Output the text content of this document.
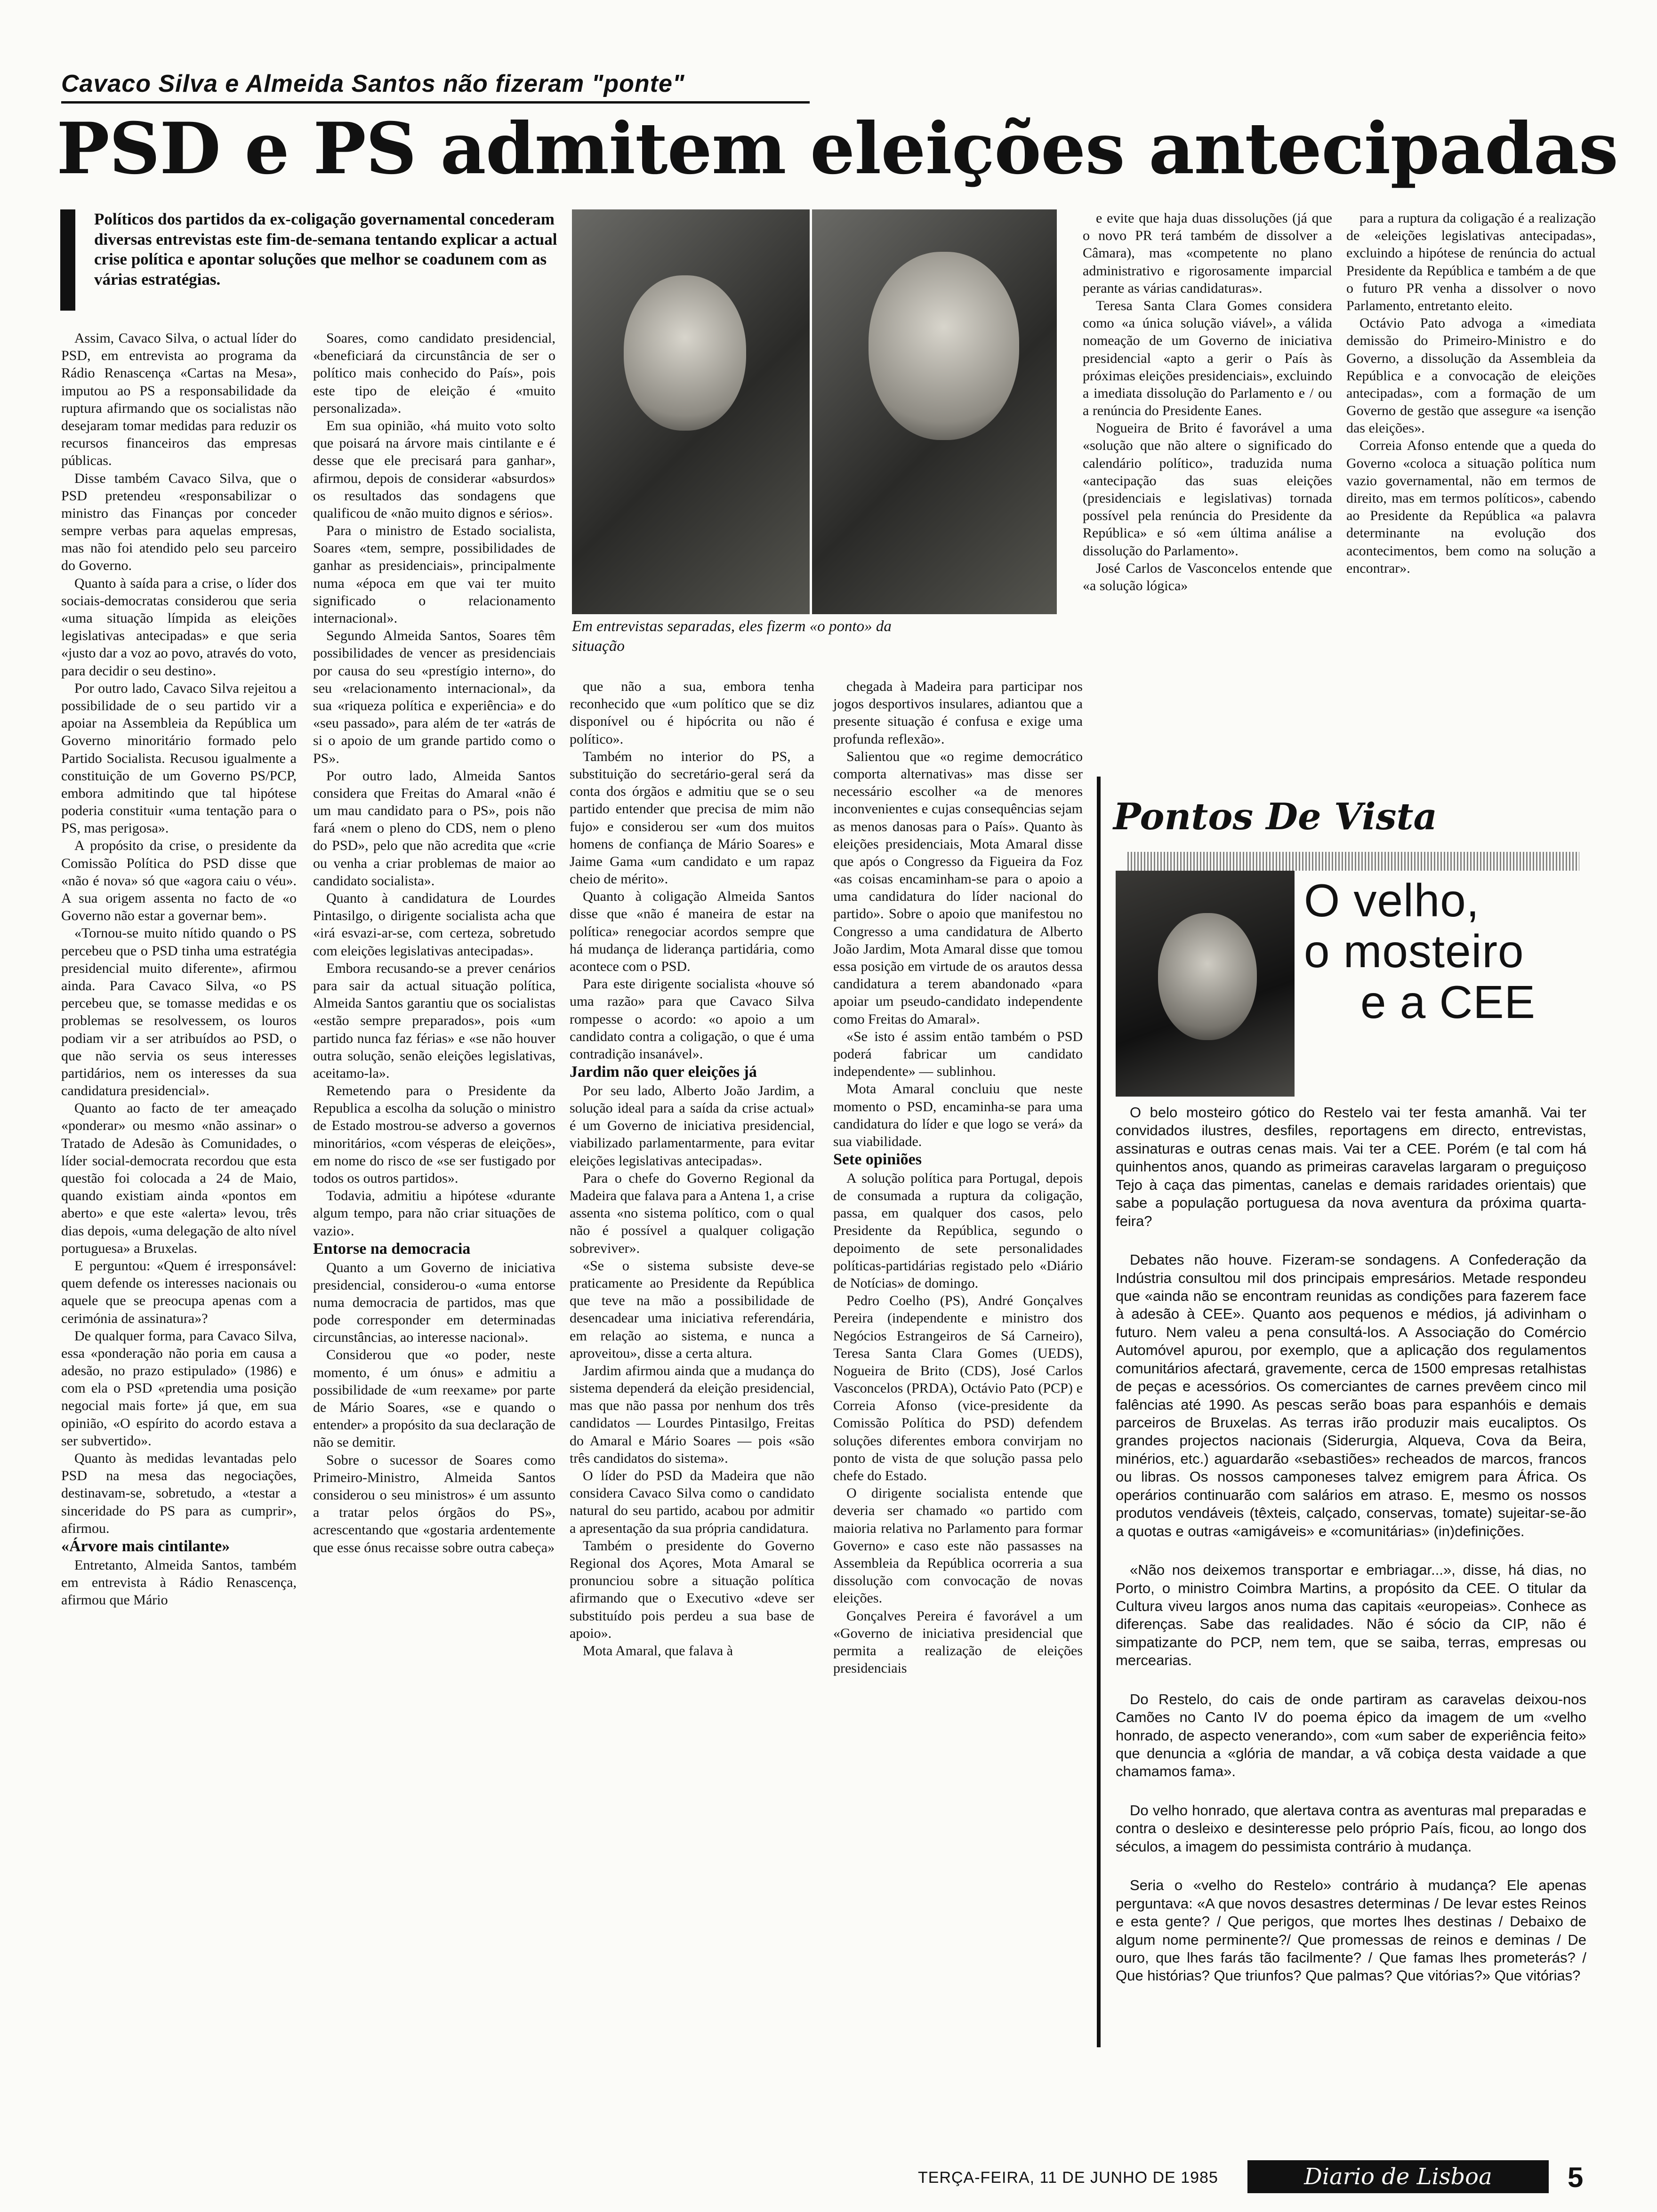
Cavaco Silva e Almeida Santos não fizeram "ponte"
PSD e PS admitem eleições antecipadas
Políticos dos partidos da ex-coligação governamental concederam diversas entrevistas este fim-de-semana tentando explicar a actual crise política e apontar soluções que melhor se coadunem com as várias estratégias.
Em entrevistas separadas, eles fizerm «o ponto» da situação

Assim, Cavaco Silva, o actual líder do PSD, em entrevista ao programa da Rádio Renascença «Cartas na Mesa», imputou ao PS a responsabilidade da ruptura afirmando que os socialistas não desejaram tomar medidas para reduzir os recursos financeiros das empresas públicas.

Disse também Cavaco Silva, que o PSD pretendeu «responsabilizar o ministro das Finanças por conceder sempre verbas para aquelas empresas, mas não foi atendido pelo seu parceiro do Governo.

Quanto à saída para a crise, o líder dos sociais-democratas considerou que seria «uma situação límpida as eleições legislativas antecipadas» e que seria «justo dar a voz ao povo, através do voto, para decidir o seu destino».

Por outro lado, Cavaco Silva rejeitou a possibilidade de o seu partido vir a apoiar na Assembleia da República um Governo minoritário formado pelo Partido Socialista. Recusou igualmente a constituição de um Governo PS/PCP, embora admitindo que tal hipótese poderia constituir «uma tentação para o PS, mas perigosa».

A propósito da crise, o presidente da Comissão Política do PSD disse que «não é nova» só que «agora caiu o véu». A sua origem assenta no facto de «o Governo não estar a governar bem».

«Tornou-se muito nítido quando o PS percebeu que o PSD tinha uma estratégia presidencial muito diferente», afirmou ainda. Para Cavaco Silva, «o PS percebeu que, se tomasse medidas e os problemas se resolvessem, os louros podiam vir a ser atribuídos ao PSD, o que não servia os seus interesses partidários, nem os interesses da sua candidatura presidencial».

Quanto ao facto de ter ameaçado «ponderar» ou mesmo «não assinar» o Tratado de Adesão às Comunidades, o líder social-democrata recordou que esta questão foi colocada a 24 de Maio, quando existiam ainda «pontos em aberto» e que este «alerta» levou, três dias depois, «uma delegação de alto nível portuguesa» a Bruxelas.

E perguntou: «Quem é irresponsável: quem defende os interesses nacionais ou aquele que se preocupa apenas com a cerimónia de assinatura»?

De qualquer forma, para Cavaco Silva, essa «ponderação não poria em causa a adesão, no prazo estipulado» (1986) e com ela o PSD «pretendia uma posição negocial mais forte» já que, em sua opinião, «O espírito do acordo estava a ser subvertido».

Quanto às medidas levantadas pelo PSD na mesa das negociações, destinavam-se, sobretudo, a «testar a sinceridade do PS para as cumprir», afirmou.

«Árvore mais cintilante»

Entretanto, Almeida Santos, também em entrevista à Rádio Renascença, afirmou que Mário

Soares, como candidato presidencial, «beneficiará da circunstância de ser o político mais conhecido do País», pois este tipo de eleição é «muito personalizada».

Em sua opinião, «há muito voto solto que poisará na árvore mais cintilante e é desse que ele precisará para ganhar», afirmou, depois de considerar «absurdos» os resultados das sondagens que qualificou de «não muito dignos e sérios».

Para o ministro de Estado socialista, Soares «tem, sempre, possibilidades de ganhar as presidenciais», principalmente numa «época em que vai ter muito significado o relacionamento internacional».

Segundo Almeida Santos, Soares têm possibilidades de vencer as presidenciais por causa do seu «prestígio interno», do seu «relacionamento internacional», da sua «riqueza política e experiência» e do «seu passado», para além de ter «atrás de si o apoio de um grande partido como o PS».

Por outro lado, Almeida Santos considera que Freitas do Amaral «não é um mau candidato para o PS», pois não fará «nem o pleno do CDS, nem o pleno do PSD», pelo que não acredita que «crie ou venha a criar problemas de maior ao candidato socialista».

Quanto à candidatura de Lourdes Pintasilgo, o dirigente socialista acha que «irá esvazi-ar-se, com certeza, sobretudo com eleições legislativas antecipadas».

Embora recusando-se a prever cenários para sair da actual situação política, Almeida Santos garantiu que os socialistas «estão sempre preparados», pois «um partido nunca faz férias» e «se não houver outra solução, senão eleições legislativas, aceitamo-la».

Remetendo para o Presidente da Republica a escolha da solução o ministro de Estado mostrou-se adverso a governos minoritários, «com vésperas de eleições», em nome do risco de «se ser fustigado por todos os outros partidos».

Todavia, admitiu a hipótese «durante algum tempo, para não criar situações de vazio».

Entorse na democracia

Quanto a um Governo de iniciativa presidencial, considerou-o «uma entorse numa democracia de partidos, mas que pode corresponder em determinadas circunstâncias, ao interesse nacional».

Considerou que «o poder, neste momento, é um ónus» e admitiu a possibilidade de «um reexame» por parte de Mário Soares, «se e quando o entender» a propósito da sua declaração de não se demitir.

Sobre o sucessor de Soares como Primeiro-Ministro, Almeida Santos considerou o seu ministros» é um assunto a tratar pelos órgãos do PS», acrescentando que «gostaria ardentemente que esse ónus recaisse sobre outra cabeça»

que não a sua, embora tenha reconhecido que «um político que se diz disponível ou é hipócrita ou não é político».

Também no interior do PS, a substituição do secretário-geral será da conta dos órgãos e admitiu que se o seu partido entender que precisa de mim não fujo» e considerou ser «um dos muitos homens de confiança de Mário Soares» e Jaime Gama «um candidato e um rapaz cheio de mérito».

Quanto à coligação Almeida Santos disse que «não é maneira de estar na política» renegociar acordos sempre que há mudança de liderança partidária, como acontece com o PSD.

Para este dirigente socialista «houve só uma razão» para que Cavaco Silva rompesse o acordo: «o apoio a um candidato contra a coligação, o que é uma contradição insanável».

Jardim não quer eleições já

Por seu lado, Alberto João Jardim, a solução ideal para a saída da crise actual» é um Governo de iniciativa presidencial, viabilizado parlamentarmente, para evitar eleições legislativas antecipadas».

Para o chefe do Governo Regional da Madeira que falava para a Antena 1, a crise assenta «no sistema político, com o qual não é possível a qualquer coligação sobreviver».

«Se o sistema subsiste deve-se praticamente ao Presidente da República que teve na mão a possibilidade de desencadear uma iniciativa referendária, em relação ao sistema, e nunca a aproveitou», disse a certa altura.

Jardim afirmou ainda que a mudança do sistema dependerá da eleição presidencial, mas que não passa por nenhum dos três candidatos — Lourdes Pintasilgo, Freitas do Amaral e Mário Soares — pois «são três candidatos do sistema».

O líder do PSD da Madeira que não considera Cavaco Silva como o candidato natural do seu partido, acabou por admitir a apresentação da sua própria candidatura.

Também o presidente do Governo Regional dos Açores, Mota Amaral se pronunciou sobre a situação política afirmando que o Executivo «deve ser substituído pois perdeu a sua base de apoio».

Mota Amaral, que falava à

chegada à Madeira para participar nos jogos desportivos insulares, adiantou que a presente situação é confusa e exige uma profunda reflexão».

Salientou que «o regime democrático comporta alternativas» mas disse ser necessário escolher «a de menores inconvenientes e cujas consequências sejam as menos danosas para o País». Quanto às eleições presidenciais, Mota Amaral disse que após o Congresso da Figueira da Foz «as coisas encaminham-se para o apoio a uma candidatura do líder nacional do partido». Sobre o apoio que manifestou no Congresso a uma candidatura de Alberto João Jardim, Mota Amaral disse que tomou essa posição em virtude de os arautos dessa candidatura a terem abandonado «para apoiar um pseudo-candidato independente como Freitas do Amaral».

«Se isto é assim então também o PSD poderá fabricar um candidato independente» — sublinhou.

Mota Amaral concluiu que neste momento o PSD, encaminha-se para uma candidatura do líder e que logo se verá» da sua viabilidade.

Sete opiniões

A solução política para Portugal, depois de consumada a ruptura da coligação, passa, em qualquer dos casos, pelo Presidente da República, segundo o depoimento de sete personalidades políticas-partidárias registado pelo «Diário de Notícias» de domingo.

Pedro Coelho (PS), André Gonçalves Pereira (independente e ministro dos Negócios Estrangeiros de Sá Carneiro), Teresa Santa Clara Gomes (UEDS), Nogueira de Brito (CDS), José Carlos Vasconcelos (PRDA), Octávio Pato (PCP) e Correia Afonso (vice-presidente da Comissão Política do PSD) defendem soluções diferentes embora convirjam no ponto de vista de que solução passa pelo chefe do Estado.

O dirigente socialista entende que deveria ser chamado «o partido com maioria relativa no Parlamento para formar Governo» e caso este não passasses na Assembleia da República ocorreria a sua dissolução com convocação de novas eleições.

Gonçalves Pereira é favorável a um «Governo de iniciativa presidencial que permita a realização de eleições presidenciais

e evite que haja duas dissoluções (já que o novo PR terá também de dissolver a Câmara), mas «competente no plano administrativo e rigorosamente imparcial perante as várias candidaturas».

Teresa Santa Clara Gomes considera como «a única solução viável», a válida nomeação de um Governo de iniciativa presidencial «apto a gerir o País às próximas eleições presidenciais», excluindo a imediata dissolução do Parlamento e / ou a renúncia do Presidente Eanes.

Nogueira de Brito é favorável a uma «solução que não altere o significado do calendário político», traduzida numa «antecipação das suas eleições (presidenciais e legislativas) tornada possível pela renúncia do Presidente da República» e só «em última análise a dissolução do Parlamento».

José Carlos de Vasconcelos entende que «a solução lógica»

para a ruptura da coligação é a realização de «eleições legislativas antecipadas», excluindo a hipótese de renúncia do actual Presidente da República e também a de que o futuro PR venha a dissolver o novo Parlamento, entretanto eleito.

Octávio Pato advoga a «imediata demissão do Primeiro-Ministro e do Governo, a dissolução da Assembleia da República e a convocação de eleições antecipadas», com a formação de um Governo de gestão que assegure «a isenção das eleições».

Correia Afonso entende que a queda do Governo «coloca a situação política num vazio governamental, não em termos de direito, mas em termos políticos», cabendo ao Presidente da República «a palavra determinante na evolução dos acontecimentos, bem como na solução a encontrar».

Pontos De Vista
O velho,
o mosteiro
e a CEE

O belo mosteiro gótico do Restelo vai ter festa amanhã. Vai ter convidados ilustres, desfiles, reportagens em directo, entrevistas, assinaturas e outras cenas mais. Vai ter a CEE. Porém (e tal com há quinhentos anos, quando as primeiras caravelas largaram o preguiçoso Tejo à caça das pimentas, canelas e demais raridades orientais) que sabe a população portuguesa da nova aventura da próxima quarta-feira?

Debates não houve. Fizeram-se sondagens. A Confederação da Indústria consultou mil dos principais empresários. Metade respondeu que «ainda não se encontram reunidas as condições para fazerem face à adesão à CEE». Quanto aos pequenos e médios, já adivinham o futuro. Nem valeu a pena consultá-los. A Associação do Comércio Automóvel apurou, por exemplo, que a aplicação dos regulamentos comunitários afectará, gravemente, cerca de 1500 empresas retalhistas de peças e acessórios. Os comerciantes de carnes prevêem cinco mil falências até 1990. As pescas serão boas para espanhóis e demais parceiros de Bruxelas. As terras irão produzir mais eucaliptos. Os grandes projectos nacionais (Siderurgia, Alqueva, Cova da Beira, minérios, etc.) aguardarão «sebastiões» recheados de marcos, francos ou libras. Os nossos camponeses talvez emigrem para África. Os operários continuarão com salários em atraso. E, mesmo os nossos produtos vendáveis (têxteis, calçado, conservas, tomate) sujeitar-se-ão a quotas e outras «amigáveis» e «comunitárias» (in)definições.

«Não nos deixemos transportar e embriagar...», disse, há dias, no Porto, o ministro Coimbra Martins, a propósito da CEE. O titular da Cultura viveu largos anos numa das capitais «europeias». Conhece as diferenças. Sabe das realidades. Não é sócio da CIP, não é simpatizante do PCP, nem tem, que se saiba, terras, empresas ou mercearias.

Do Restelo, do cais de onde partiram as caravelas deixou-nos Camões no Canto IV do poema épico da imagem de um «velho honrado, de aspecto venerando», com «um saber de experiência feito» que denuncia a «glória de mandar, a vã cobiça desta vaidade a que chamamos fama».

Do velho honrado, que alertava contra as aventuras mal preparadas e contra o desleixo e desinteresse pelo próprio País, ficou, ao longo dos séculos, a imagem do pessimista contrário à mudança.

Seria o «velho do Restelo» contrário à mudança? Ele apenas perguntava: «A que novos desastres determinas / De levar estes Reinos e esta gente? / Que perigos, que mortes lhes destinas / Debaixo de algum nome perminente?/ Que promessas de reinos e deminas / De ouro, que lhes farás tão facilmente? / Que famas lhes prometerás? / Que histórias? Que triunfos? Que palmas? Que vitórias?» Que vitórias?

TERÇA-FEIRA, 11 DE JUNHO DE 1985	Diario de Lisboa	5
